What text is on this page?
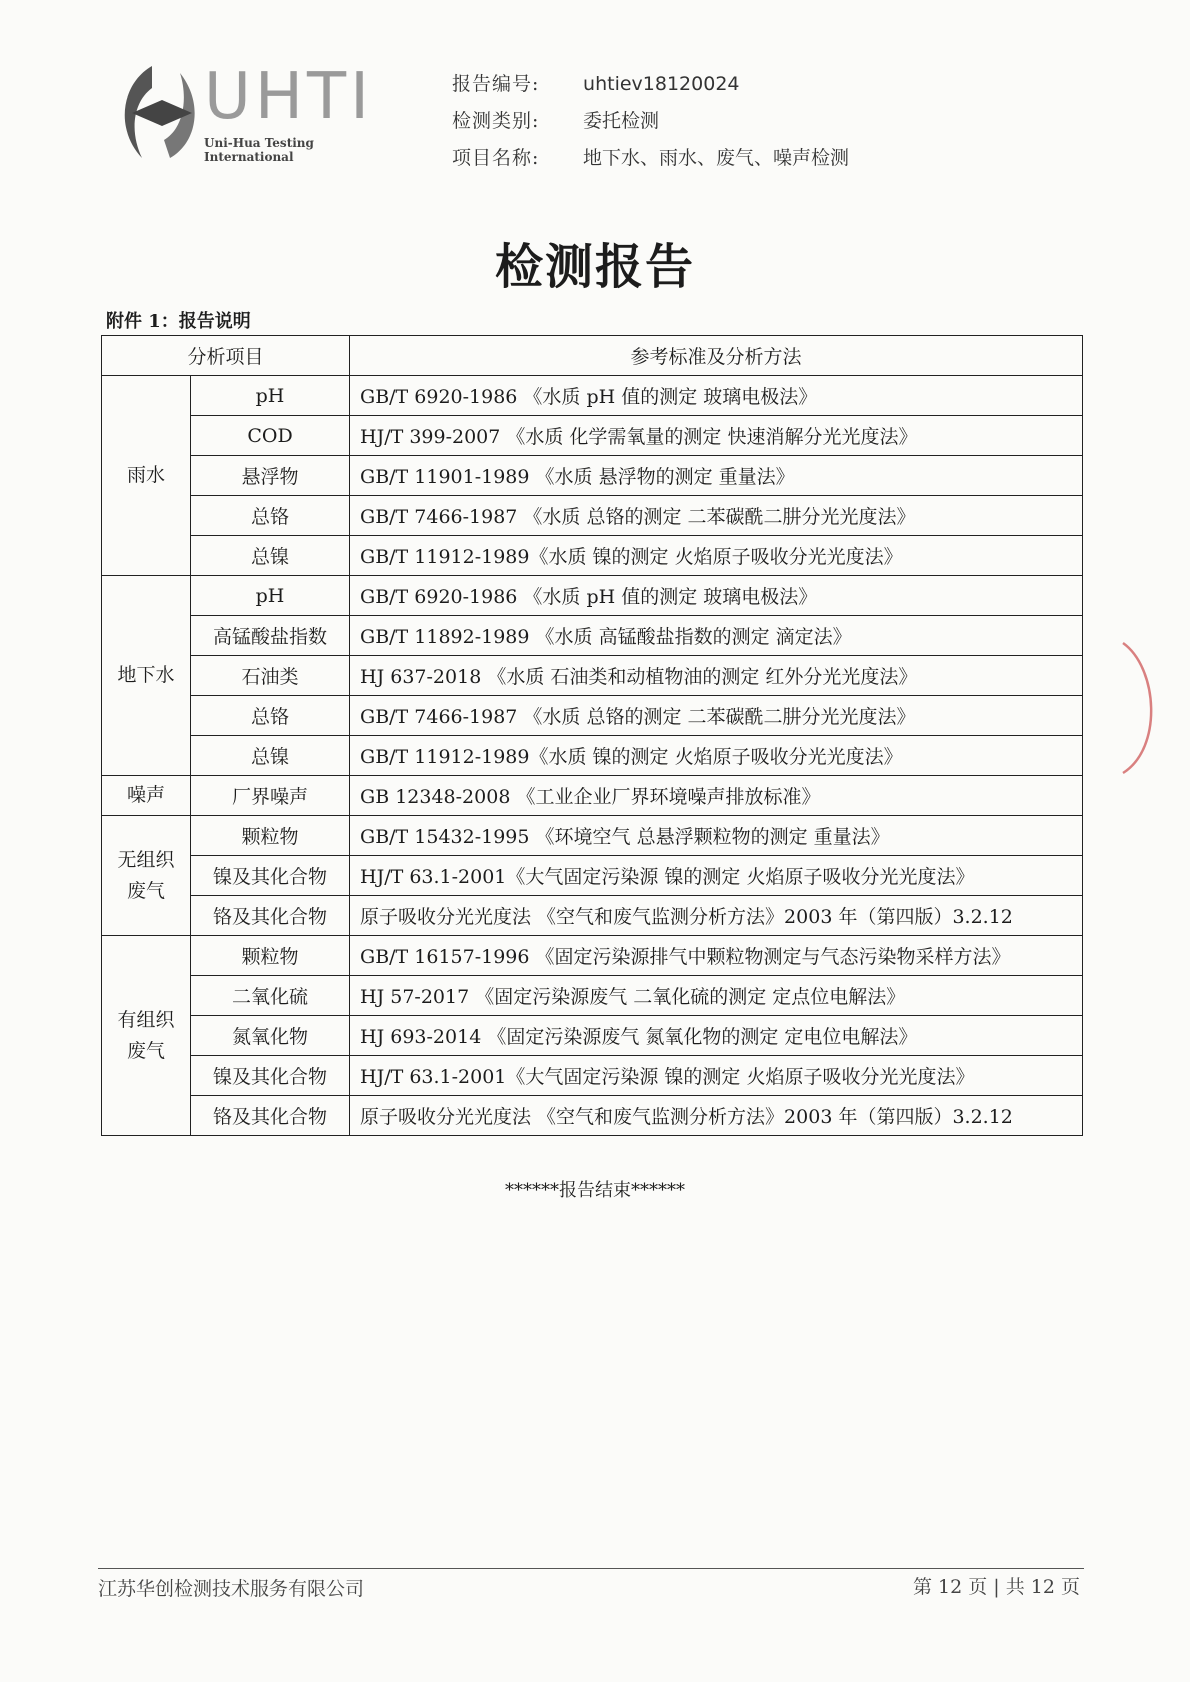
UHTI
Uni-Hua Testing International
报告编号: uhtiev18120024
检测类别: 委托检测
项目名称: 地下水、雨水、废气、噪声检测
检测报告
附件 1：报告说明
分析项目		参考标准及分析方法
雨水	pH	GB/T 6920-1986 《水质 pH 值的测定 玻璃电极法》
	COD	HJ/T 399-2007 《水质 化学需氧量的测定 快速消解分光光度法》
	悬浮物	GB/T 11901-1989 《水质 悬浮物的测定 重量法》
	总铬	GB/T 7466-1987 《水质 总铬的测定 二苯碳酰二肼分光光度法》
	总镍	GB/T 11912-1989《水质 镍的测定 火焰原子吸收分光光度法》
地下水	pH	GB/T 6920-1986 《水质 pH 值的测定 玻璃电极法》
	高锰酸盐指数	GB/T 11892-1989 《水质 高锰酸盐指数的测定 滴定法》
	石油类	HJ 637-2018 《水质 石油类和动植物油的测定 红外分光光度法》
	总铬	GB/T 7466-1987 《水质 总铬的测定 二苯碳酰二肼分光光度法》
	总镍	GB/T 11912-1989《水质 镍的测定 火焰原子吸收分光光度法》
噪声	厂界噪声	GB 12348-2008 《工业企业厂界环境噪声排放标准》

无组织废气	颗粒物	GB/T 15432-1995 《环境空气 总悬浮颗粒物的测定 重量法》
	镍及其化合物	HJ/T 63.1-2001《大气固定污染源 镍的测定 火焰原子吸收分光光度法》
	铬及其化合物	原子吸收分光光度法 《空气和废气监测分析方法》2003 年（第四版）3.2.12

有组织废气	颗粒物	GB/T 16157-1996 《固定污染源排气中颗粒物测定与气态污染物采样方法》
	二氧化硫	HJ 57-2017 《固定污染源废气 二氧化硫的测定 定点位电解法》
	氮氧化物	HJ 693-2014 《固定污染源废气 氮氧化物的测定 定电位电解法》
	镍及其化合物	HJ/T 63.1-2001《大气固定污染源 镍的测定 火焰原子吸收分光光度法》
	铬及其化合物	原子吸收分光光度法 《空气和废气监测分析方法》2003 年（第四版）3.2.12
******报告结束******
江苏华创检测技术服务有限公司	第 12 页 | 共 12 页
